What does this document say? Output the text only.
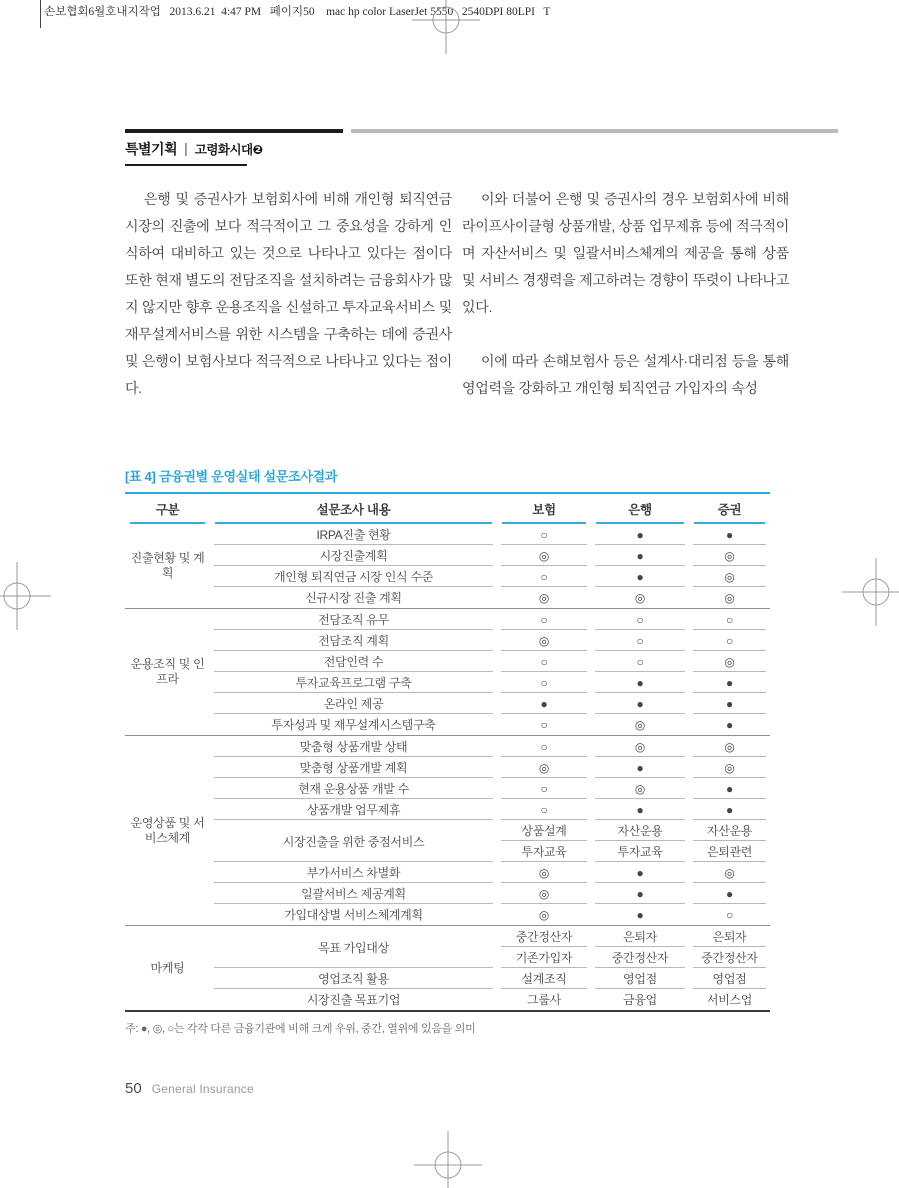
손보협회6월호내지작업   2013.6.21  4:47 PM   페이지50    mac hp color LaserJet 5550   2540DPI 80LPI   T
특별기획 | 고령화시대❷

은행 및 증권사가 보험회사에 비해 개인형 퇴직연금 시장의 진출에 보다 적극적이고 그 중요성을 강하게 인식하여 대비하고 있는 것으로 나타나고 있다는 점이다 또한 현재 별도의 전담조직을 설치하려는 금융회사가 많지 않지만 향후 운용조직을 신설하고 투자교육서비스 및 재무설계서비스를 위한 시스템을 구축하는 데에 증권사 및 은행이 보험사보다 적극적으로 나타나고 있다는 점이다.

이와 더불어 은행 및 증권사의 경우 보험회사에 비해 라이프사이클형 상품개발, 상품 업무제휴 등에 적극적이며 자산서비스 및 일괄서비스체계의 제공을 통해 상품 및 서비스 경쟁력을 제고하려는 경향이 뚜렷이 나타나고 있다.

이에 따라 손해보험사 등은 설계사·대리점 등을 통해 영업력을 강화하고 개인형 퇴직연금 가입자의 속성

[표 4] 금융권별 운영실태 설문조사결과
구분	설문조사 내용	보험	은행	증권
진출현황 및 계획	IRPA진출 현황	○	●	●
	시장진출계획	◎	●	◎
	개인형 퇴직연금 시장 인식 수준	○	●	◎
	신규시장 진출 계획	◎	◎	◎
운용조직 및 인프라	전담조직 유무	○	○	○
	전담조직 계획	◎	○	○
	전담인력 수	○	○	◎
	투자교육프로그램 구축	○	●	●
	온라인 제공	●	●	●
	투자성과 및 재무설계시스템구축	○	◎	●
운영상품 및 서비스체계	맞춤형 상품개발 상태	○	◎	◎
	맞춤형 상품개발 계획	◎	●	◎
	현재 운용상품 개발 수	○	◎	●
	상품개발 업무제휴	○	●	●
	시장진출을 위한 중점서비스	상품설계	자산운용	자산운용
		투자교육	투자교육	은퇴관련
	부가서비스 차별화	◎	●	◎
	일괄서비스 제공계획	◎	●	●
	가입대상별 서비스체계계획	◎	●	○
마케팅	목표 가입대상	중간정산자	은퇴자	은퇴자
		기존가입자	중간정산자	중간정산자
	영업조직 활용	설계조직	영업점	영업점
	시장진출 목표기업	그룹사	금융업	서비스업
주: ●, ◎, ○는 각각 다른 금융기관에 비해 크게 우위, 중간, 열위에 있음을 의미
50 General Insurance
